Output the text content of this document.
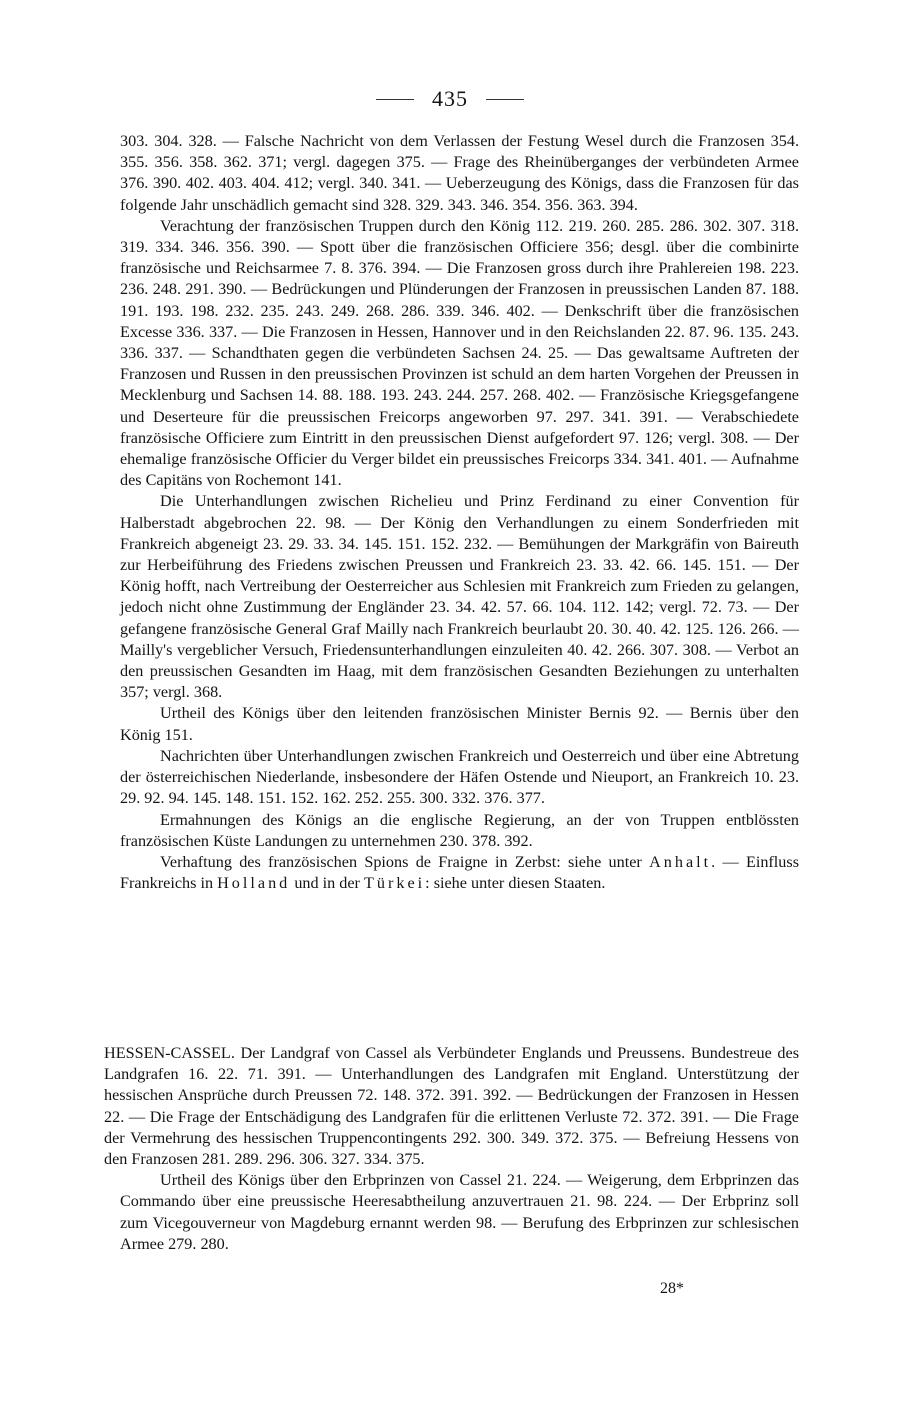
435

303. 304. 328. — Falsche Nachricht von dem Verlassen der Festung Wesel durch die Franzosen 354. 355. 356. 358. 362. 371; vergl. dagegen 375. — Frage des Rheinüberganges der verbündeten Armee 376. 390. 402. 403. 404. 412; vergl. 340. 341. — Ueberzeugung des Königs, dass die Franzosen für das folgende Jahr unschädlich gemacht sind 328. 329. 343. 346. 354. 356. 363. 394.

Verachtung der französischen Truppen durch den König 112. 219. 260. 285. 286. 302. 307. 318. 319. 334. 346. 356. 390. — Spott über die französischen Officiere 356; desgl. über die combinirte französische und Reichsarmee 7. 8. 376. 394. — Die Franzosen gross durch ihre Prahlereien 198. 223. 236. 248. 291. 390. — Bedrückungen und Plünderungen der Franzosen in preussischen Landen 87. 188. 191. 193. 198. 232. 235. 243. 249. 268. 286. 339. 346. 402. — Denkschrift über die französischen Excesse 336. 337. — Die Franzosen in Hessen, Hannover und in den Reichslanden 22. 87. 96. 135. 243. 336. 337. — Schandthaten gegen die verbündeten Sachsen 24. 25. — Das gewaltsame Auftreten der Franzosen und Russen in den preussischen Provinzen ist schuld an dem harten Vorgehen der Preussen in Mecklenburg und Sachsen 14. 88. 188. 193. 243. 244. 257. 268. 402. — Französische Kriegsgefangene und Deserteure für die preussischen Freicorps angeworben 97. 297. 341. 391. — Verabschiedete französische Officiere zum Eintritt in den preussischen Dienst aufgefordert 97. 126; vergl. 308. — Der ehemalige französische Officier du Verger bildet ein preussisches Freicorps 334. 341. 401. — Aufnahme des Capitäns von Rochemont 141.

Die Unterhandlungen zwischen Richelieu und Prinz Ferdinand zu einer Convention für Halberstadt abgebrochen 22. 98. — Der König den Verhandlungen zu einem Sonderfrieden mit Frankreich abgeneigt 23. 29. 33. 34. 145. 151. 152. 232. — Bemühungen der Markgräfin von Baireuth zur Herbeiführung des Friedens zwischen Preussen und Frankreich 23. 33. 42. 66. 145. 151. — Der König hofft, nach Vertreibung der Oesterreicher aus Schlesien mit Frankreich zum Frieden zu gelangen, jedoch nicht ohne Zustimmung der Engländer 23. 34. 42. 57. 66. 104. 112. 142; vergl. 72. 73. — Der gefangene französische General Graf Mailly nach Frankreich beurlaubt 20. 30. 40. 42. 125. 126. 266. — Mailly's vergeblicher Versuch, Friedensunterhandlungen einzuleiten 40. 42. 266. 307. 308. — Verbot an den preussischen Gesandten im Haag, mit dem französischen Gesandten Beziehungen zu unterhalten 357; vergl. 368.

Urtheil des Königs über den leitenden französischen Minister Bernis 92. — Bernis über den König 151.

Nachrichten über Unterhandlungen zwischen Frankreich und Oesterreich und über eine Abtretung der österreichischen Niederlande, insbesondere der Häfen Ostende und Nieuport, an Frankreich 10. 23. 29. 92. 94. 145. 148. 151. 152. 162. 252. 255. 300. 332. 376. 377.

Ermahnungen des Königs an die englische Regierung, an der von Truppen entblössten französischen Küste Landungen zu unternehmen 230. 378. 392.

Verhaftung des französischen Spions de Fraigne in Zerbst: siehe unter Anhalt. — Einfluss Frankreichs in Holland und in der Türkei: siehe unter diesen Staaten.

HESSEN-CASSEL. Der Landgraf von Cassel als Verbündeter Englands und Preussens. Bundestreue des Landgrafen 16. 22. 71. 391. — Unterhandlungen des Landgrafen mit England. Unterstützung der hessischen Ansprüche durch Preussen 72. 148. 372. 391. 392. — Bedrückungen der Franzosen in Hessen 22. — Die Frage der Entschädigung des Landgrafen für die erlittenen Verluste 72. 372. 391. — Die Frage der Vermehrung des hessischen Truppencontingents 292. 300. 349. 372. 375. — Befreiung Hessens von den Franzosen 281. 289. 296. 306. 327. 334. 375.

Urtheil des Königs über den Erbprinzen von Cassel 21. 224. — Weigerung, dem Erbprinzen das Commando über eine preussische Heeresabtheilung anzuvertrauen 21. 98. 224. — Der Erbprinz soll zum Vicegouverneur von Magdeburg ernannt werden 98. — Berufung des Erbprinzen zur schlesischen Armee 279. 280.

28*
